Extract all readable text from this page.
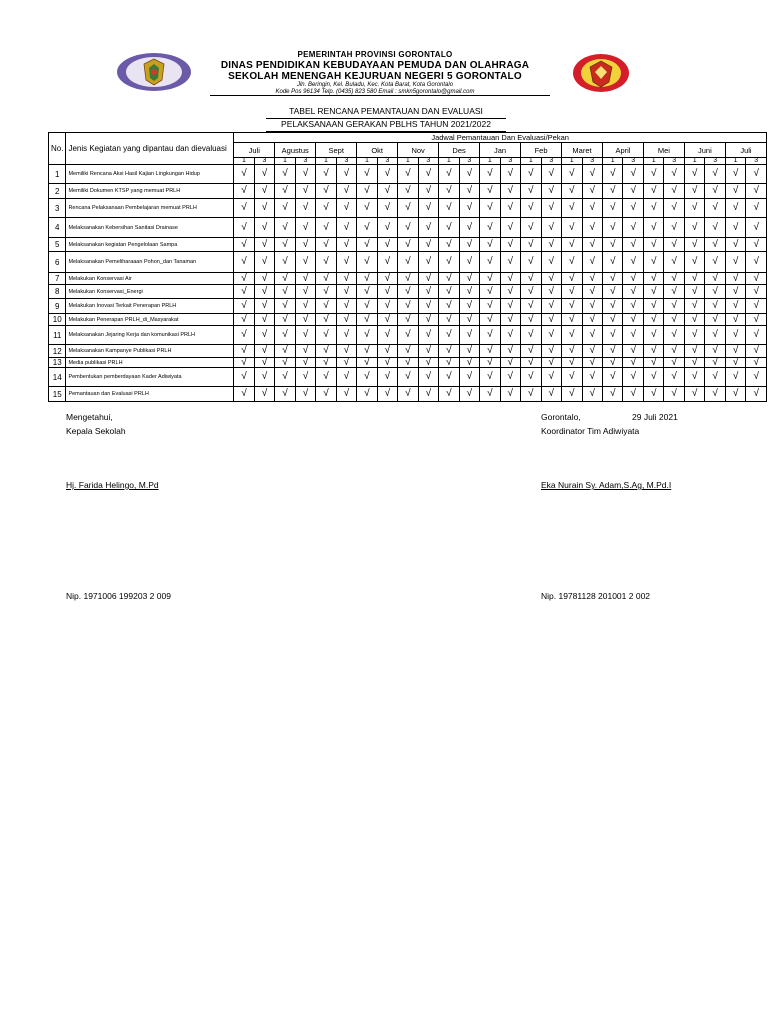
PEMERINTAH PROVINSI GORONTALO
DINAS PENDIDIKAN KEBUDAYAAN PEMUDA DAN OLAHRAGA
SEKOLAH MENENGAH KEJURUAN NEGERI 5 GORONTALO
Jln. Beringin, Kel. Buladu, Kec. Kota Barat, Kota Gorontalo
Kode Pos 96134 Telp. (0435) 823 580 Email : smkn5gorontalo@gmail.com
TABEL RENCANA PEMANTAUAN DAN EVALUASI
PELAKSANAAN GERAKAN PBLHS TAHUN 2021/2022
No.	Jenis Kegiatan yang dipantau dan dievaluasi	Jadwal Pemantauan Dan Evaluasi/Pekan																									
		Juli		Agustus		Sept		Okt		Nov		Des		Jan		Feb		Maret		April		Mei		Juni		Juli	
		1	3	1	3	1	3	1	3	1	3	1	3	1	3	1	3	1	3	1	3	1	3	1	3	1	3
1	Memiliki Rencana Aksi Hasil Kajian Lingkungan Hidup	√	√	√	√	√	√	√	√	√	√	√	√	√	√	√	√	√	√	√	√	√	√	√	√	√	√
2	Memiliki Dokumen KTSP yang memuat PRLH	√	√	√	√	√	√	√	√	√	√	√	√	√	√	√	√	√	√	√	√	√	√	√	√	√	√
3	Rencana Pelaksanaan Pembelajaran memuat PRLH	√	√	√	√	√	√	√	√	√	√	√	√	√	√	√	√	√	√	√	√	√	√	√	√	√	√
4	Melaksanakan Kebersihan Sanitasi Drainase	√	√	√	√	√	√	√	√	√	√	√	√	√	√	√	√	√	√	√	√	√	√	√	√	√	√
5	Melaksanakan kegiatan Pengelolaan Sampa	√	√	√	√	√	√	√	√	√	√	√	√	√	√	√	√	√	√	√	√	√	√	√	√	√	√
6	Melaksanakan Pemeliharaaan Pohon_dan Tanaman	√	√	√	√	√	√	√	√	√	√	√	√	√	√	√	√	√	√	√	√	√	√	√	√	√	√
7	Melakukan Konservasi Air	√	√	√	√	√	√	√	√	√	√	√	√	√	√	√	√	√	√	√	√	√	√	√	√	√	√
8	Melakukan Konservasi_Energi	√	√	√	√	√	√	√	√	√	√	√	√	√	√	√	√	√	√	√	√	√	√	√	√	√	√
9	Melakukan Inovasi Terkait Penerapan PRLH	√	√	√	√	√	√	√	√	√	√	√	√	√	√	√	√	√	√	√	√	√	√	√	√	√	√
10	Melakukan Penerapan PRLH_di_Masyarakat	√	√	√	√	√	√	√	√	√	√	√	√	√	√	√	√	√	√	√	√	√	√	√	√	√	√
11	Melaksanakan Jejaring Kerja dan komunikasi PRLH	√	√	√	√	√	√	√	√	√	√	√	√	√	√	√	√	√	√	√	√	√	√	√	√	√	√
12	Melaksanakan Kampanye Publikasi PRLH	√	√	√	√	√	√	√	√	√	√	√	√	√	√	√	√	√	√	√	√	√	√	√	√	√	√
13	Media publikasi PRLH	√	√	√	√	√	√	√	√	√	√	√	√	√	√	√	√	√	√	√	√	√	√	√	√	√	√
14	Pembentukan pemberdayaan Kader Adiwiyata	√	√	√	√	√	√	√	√	√	√	√	√	√	√	√	√	√	√	√	√	√	√	√	√	√	√
15	Pemantauan dan Evaluasi PRLH	√	√	√	√	√	√	√	√	√	√	√	√	√	√	√	√	√	√	√	√	√	√	√	√	√	√
Mengetahui,
Kepala Sekolah
Hj. Farida Helingo, M.Pd
Nip. 1971006 199203 2 009
Gorontalo,	29 Juli 2021
Koordinator Tim Adiwiyata
Eka Nurain Sy. Adam,S.Ag, M.Pd.I
Nip. 19781128 201001 2 002
